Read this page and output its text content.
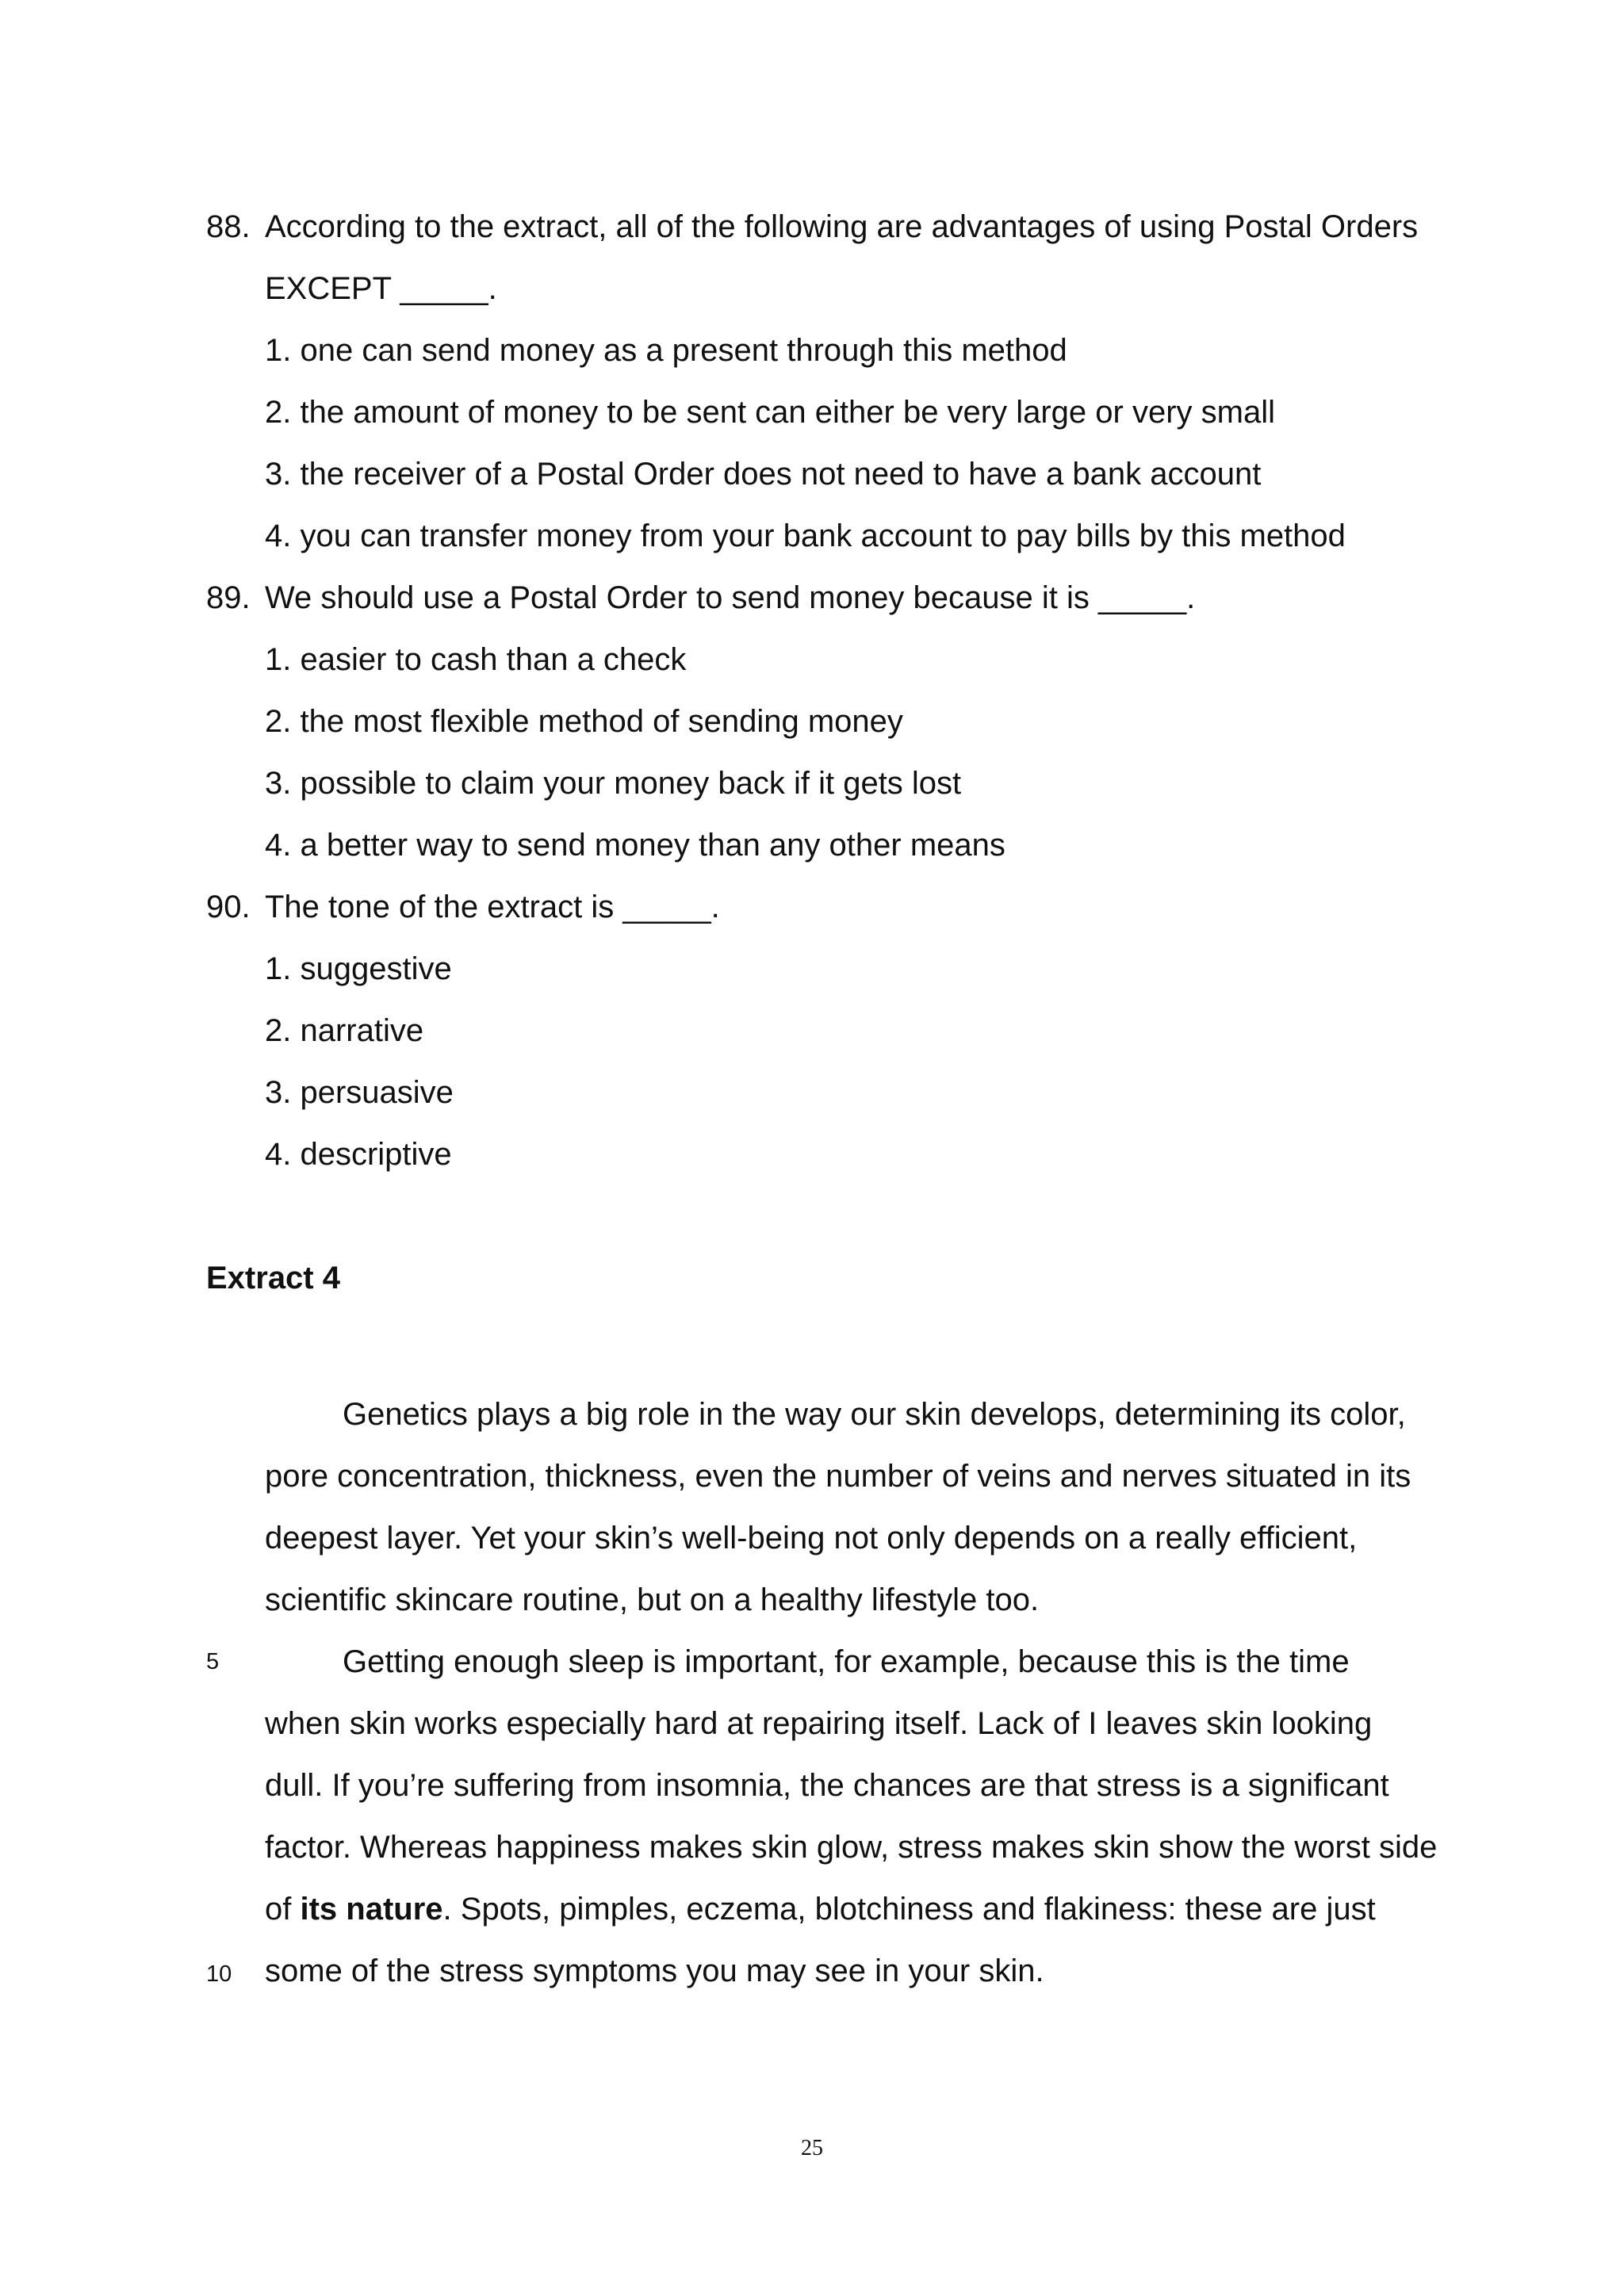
88. According to the extract, all of the following are advantages of using Postal Orders
EXCEPT _____.
1. one can send money as a present through this method
2. the amount of money to be sent can either be very large or very small
3. the receiver of a Postal Order does not need to have a bank account
4. you can transfer money from your bank account to pay bills by this method
89. We should use a Postal Order to send money because it is _____.
1. easier to cash than a check
2. the most flexible method of sending money
3. possible to claim your money back if it gets lost
4. a better way to send money than any other means
90. The tone of the extract is _____.
1. suggestive
2. narrative
3. persuasive
4. descriptive
Extract 4
Genetics plays a big role in the way our skin develops, determining its color,
pore concentration, thickness, even the number of veins and nerves situated in its
deepest layer. Yet your skin’s well-being not only depends on a really efficient,
scientific skincare routine, but on a healthy lifestyle too.
5	Getting enough sleep is important, for example, because this is the time
when skin works especially hard at repairing itself. Lack of I leaves skin looking
dull. If you’re suffering from insomnia, the chances are that stress is a significant
factor. Whereas happiness makes skin glow, stress makes skin show the worst side
of its nature. Spots, pimples, eczema, blotchiness and flakiness: these are just
10 some of the stress symptoms you may see in your skin.
25
